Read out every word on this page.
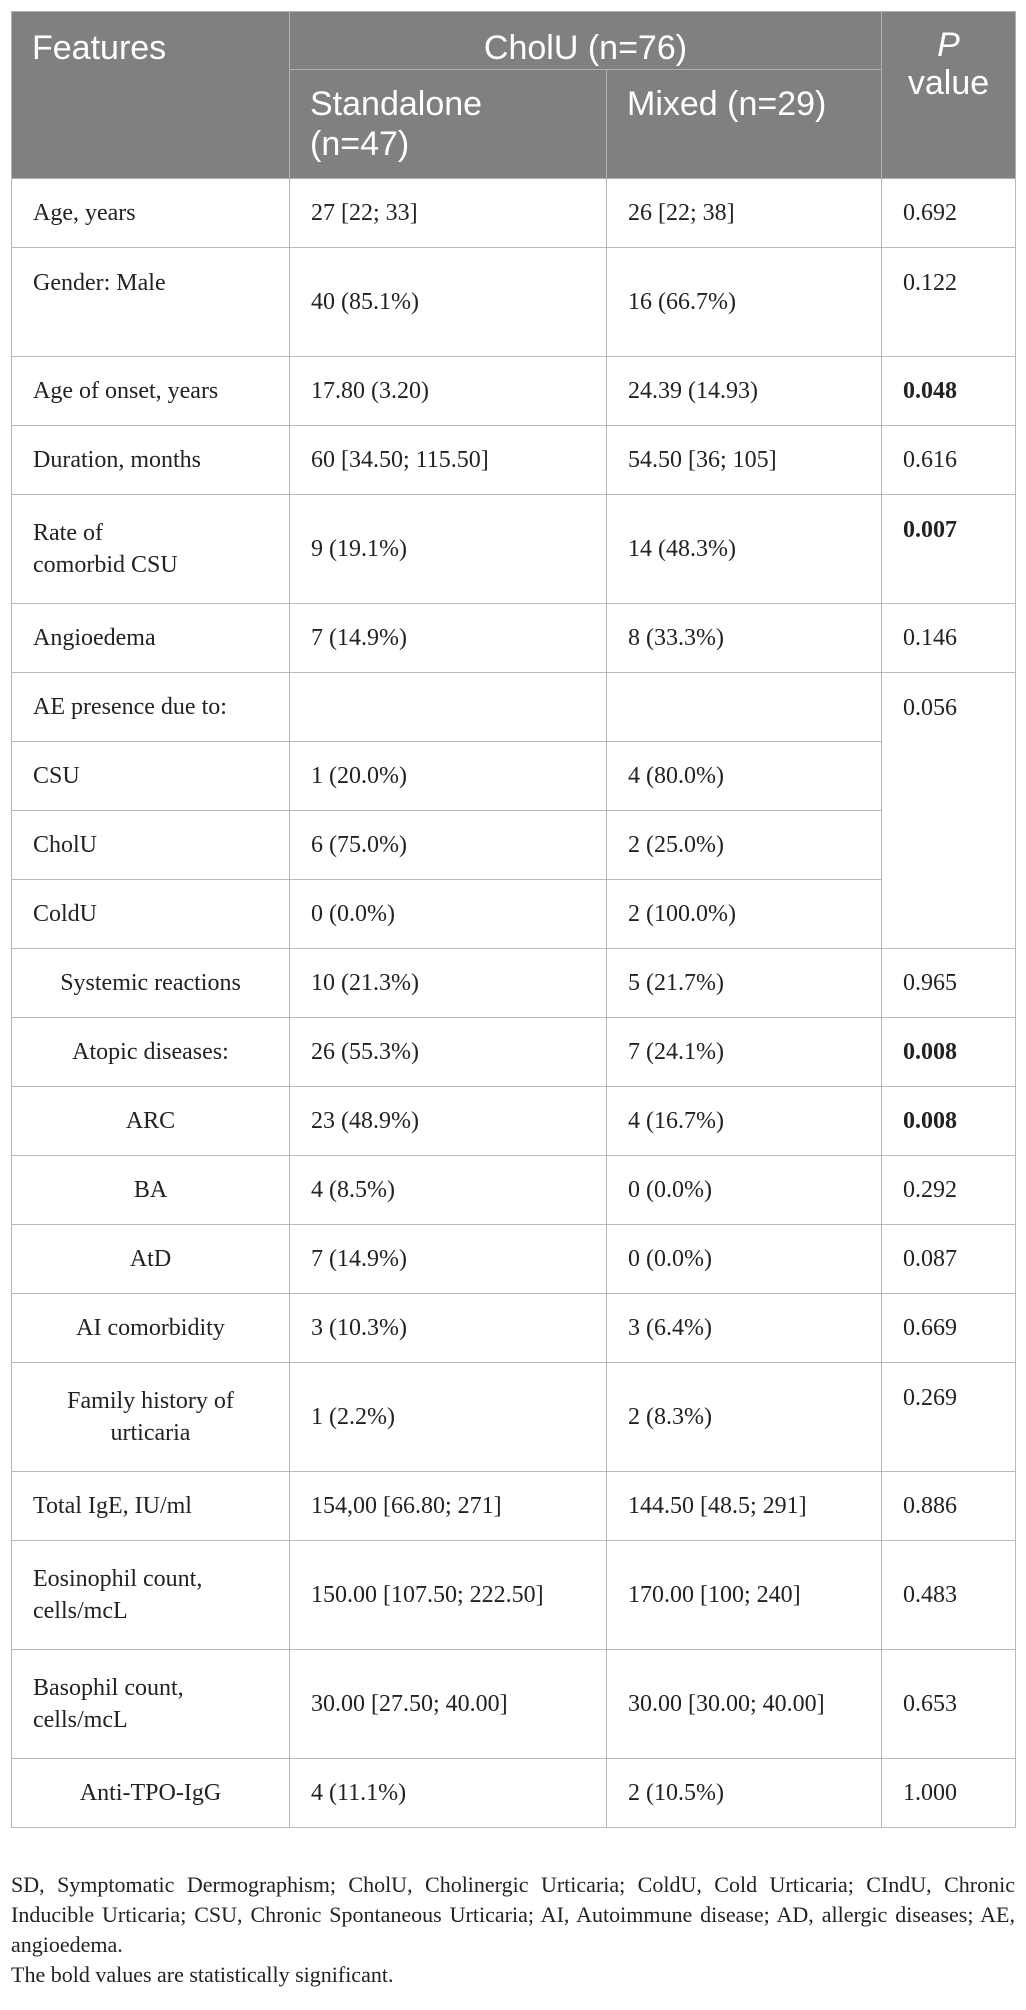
Features	CholU (n=76)		P
value
	Standalone (n=47)	Mixed (n=29)	
Age, years	27 [22; 33]	26 [22; 38]	0.692
Gender: Male	40 (85.1%)	16 (66.7%)	0.122
Age of onset, years	17.80 (3.20)	24.39 (14.93)	0.048
Duration, months	60 [34.50; 115.50]	54.50 [36; 105]	0.616
Rate of comorbid CSU	9 (19.1%)	14 (48.3%)	0.007
Angioedema	7 (14.9%)	8 (33.3%)	0.146
AE presence due to:			0.056
CSU	1 (20.0%)	4 (80.0%)	
CholU	6 (75.0%)	2 (25.0%)	
ColdU	0 (0.0%)	2 (100.0%)	
Systemic reactions	10 (21.3%)	5 (21.7%)	0.965
Atopic diseases:	26 (55.3%)	7 (24.1%)	0.008
ARC	23 (48.9%)	4 (16.7%)	0.008
BA	4 (8.5%)	0 (0.0%)	0.292
AtD	7 (14.9%)	0 (0.0%)	0.087
AI comorbidity	3 (10.3%)	3 (6.4%)	0.669
Family history of urticaria	1 (2.2%)	2 (8.3%)	0.269
Total IgE, IU/ml	154,00 [66.80; 271]	144.50 [48.5; 291]	0.886
Eosinophil count, cells/mcL	150.00 [107.50; 222.50]	170.00 [100; 240]	0.483
Basophil count, cells/mcL	30.00 [27.50; 40.00]	30.00 [30.00; 40.00]	0.653
Anti-TPO-IgG	4 (11.1%)	2 (10.5%)	1.000

SD, Symptomatic Dermographism; CholU, Cholinergic Urticaria; ColdU, Cold Urticaria; CIndU, Chronic Inducible Urticaria; CSU, Chronic Spontaneous Urticaria; AI, Autoimmune disease; AD, allergic diseases; AE, angioedema.

The bold values are statistically significant.
